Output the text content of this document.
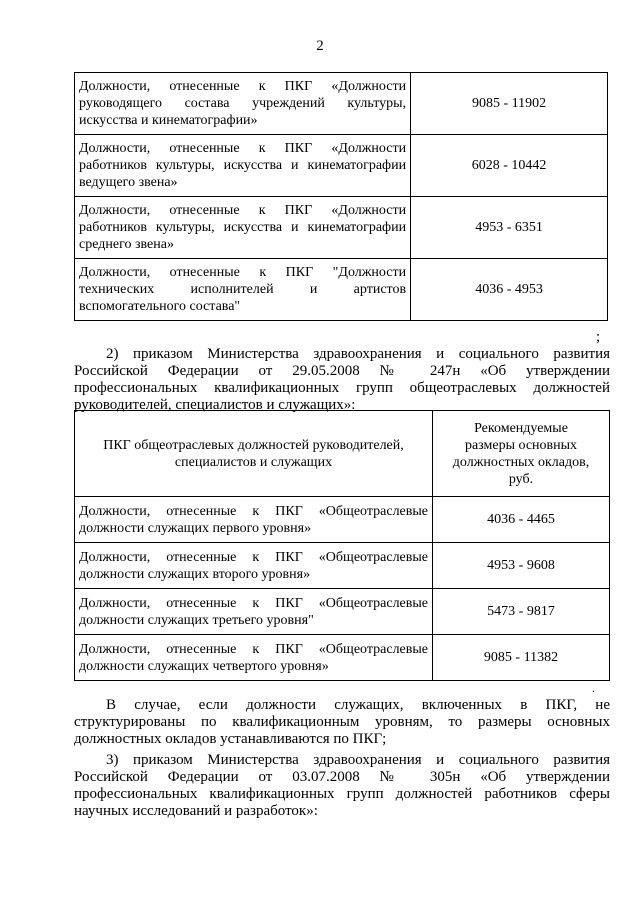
2
Должности, отнесенные к ПКГ «Должности
руководящего состава учреждений культуры,
искусства и кинематографии»	9085 - 11902

Должности, отнесенные к ПКГ «Должности
работников культуры, искусства и кинематографии
ведущего звена»	6028 - 10442

Должности, отнесенные к ПКГ «Должности
работников культуры, искусства и кинематографии
среднего звена»	4953 - 6351

Должности, отнесенные к ПКГ "Должности
технических исполнителей и артистов
вспомогательного состава"	4036 - 4953
;
2) приказом Министерства здравоохранения и социального развития
Российской Федерации от 29.05.2008 № 247н «Об утверждении
профессиональных квалификационных групп общеотраслевых должностей
руководителей, специалистов и служащих»:
ПКГ общеотраслевых должностей руководителей,
специалистов и служащих	Рекомендуемые
размеры основных
должностных окладов,
руб.

Должности, отнесенные к ПКГ «Общеотраслевые
должности служащих первого уровня»	4036 - 4465

Должности, отнесенные к ПКГ «Общеотраслевые
должности служащих второго уровня»	4953 - 9608

Должности, отнесенные к ПКГ «Общеотраслевые
должности служащих третьего уровня"	5473 - 9817

Должности, отнесенные к ПКГ «Общеотраслевые
должности служащих четвертого уровня»	9085 - 11382
.
В случае, если должности служащих, включенных в ПКГ, не
структурированы по квалификационным уровням, то размеры основных
должностных окладов устанавливаются по ПКГ;
3) приказом Министерства здравоохранения и социального развития
Российской Федерации от 03.07.2008 № 305н «Об утверждении
профессиональных квалификационных групп должностей работников сферы
научных исследований и разработок»:
